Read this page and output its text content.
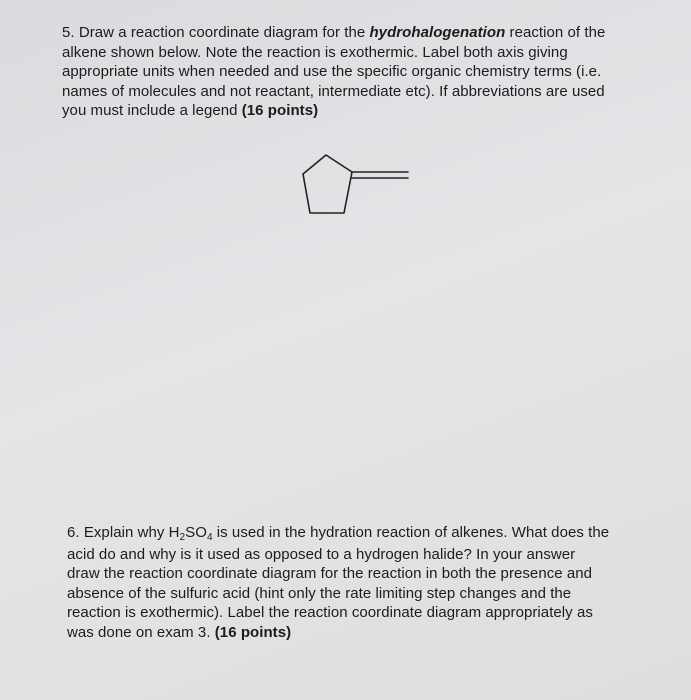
5. Draw a reaction coordinate diagram for the hydrohalogenation reaction of the
alkene shown below. Note the reaction is exothermic. Label both axis giving
appropriate units when needed and use the specific organic chemistry terms (i.e.
names of molecules and not reactant, intermediate etc). If abbreviations are used
you must include a legend (16 points)
6. Explain why $H_2SO_4$ is used in the hydration reaction of alkenes. What does the
acid do and why is it used as opposed to a hydrogen halide? In your answer
draw the reaction coordinate diagram for the reaction in both the presence and
absence of the sulfuric acid (hint only the rate limiting step changes and the
reaction is exothermic). Label the reaction coordinate diagram appropriately as
was done on exam 3. (16 points)
